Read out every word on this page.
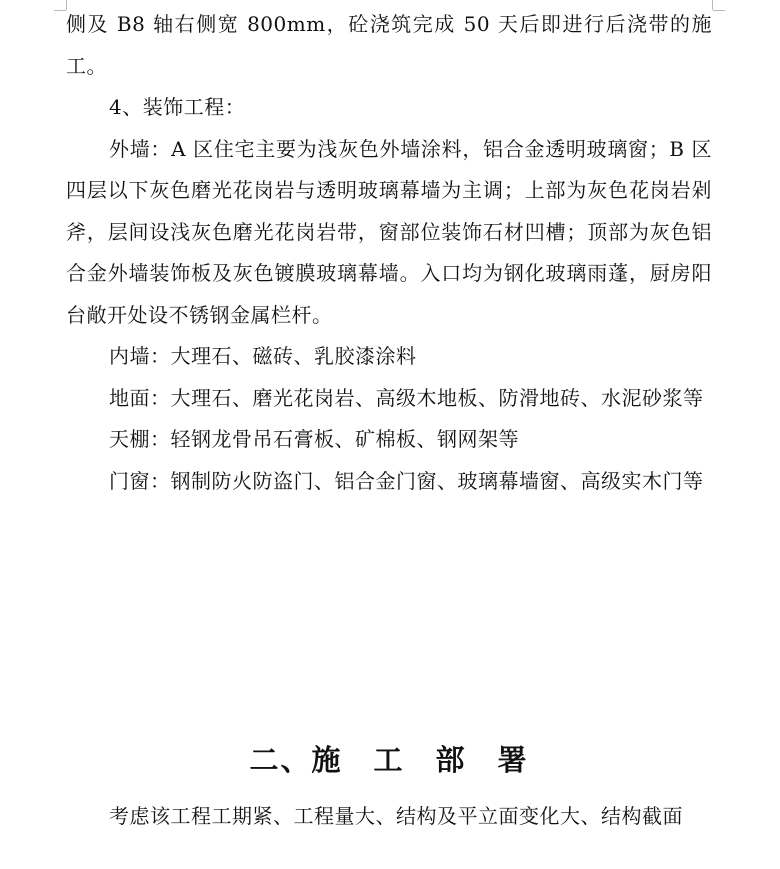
侧及 B8 轴右侧宽 800mm，砼浇筑完成 50 天后即进行后浇带的施工。

4、装饰工程：

外墙：A 区住宅主要为浅灰色外墙涂料，铝合金透明玻璃窗；B 区四层以下灰色磨光花岗岩与透明玻璃幕墙为主调；上部为灰色花岗岩剁斧，层间设浅灰色磨光花岗岩带，窗部位装饰石材凹槽；顶部为灰色铝合金外墙装饰板及灰色镀膜玻璃幕墙。入口均为钢化玻璃雨蓬，厨房阳台敞开处设不锈钢金属栏杆。

内墙：大理石、磁砖、乳胶漆涂料

地面：大理石、磨光花岗岩、高级木地板、防滑地砖、水泥砂浆等

天棚：轻钢龙骨吊石膏板、矿棉板、钢网架等

门窗：钢制防火防盗门、铝合金门窗、玻璃幕墙窗、高级实木门等

二、施　工　部　署

考虑该工程工期紧、工程量大、结构及平立面变化大、结构截面
